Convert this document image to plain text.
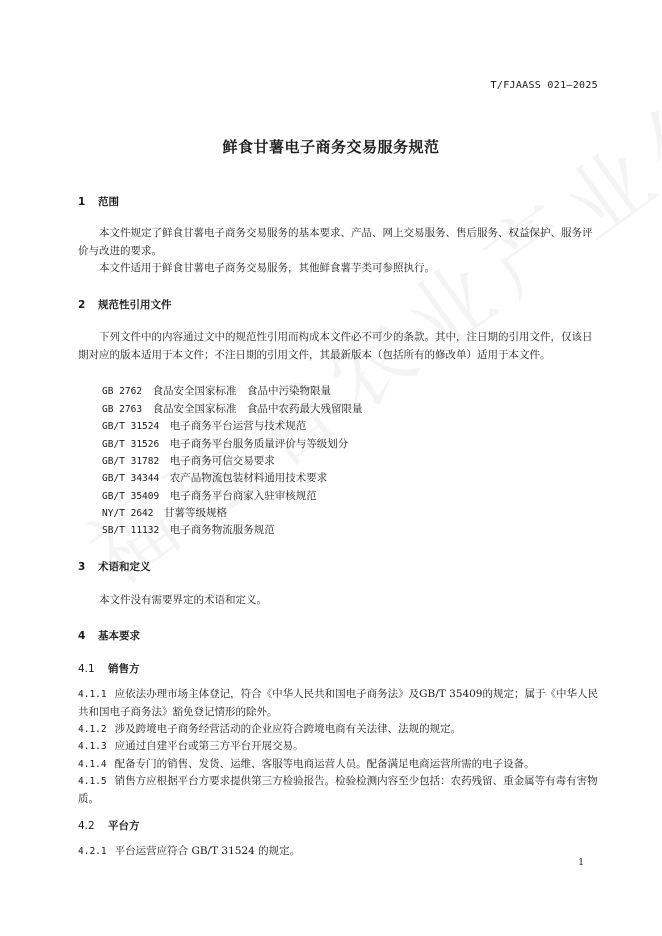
T/FJAASS 021—2025
鲜食甘薯电子商务交易服务规范
1 范围

本文件规定了鲜食甘薯电子商务交易服务的基本要求、产品、网上交易服务、售后服务、权益保护、服务评价与改进的要求。

本文件适用于鲜食甘薯电子商务交易服务，其他鲜食薯芋类可参照执行。

2 规范性引用文件

下列文件中的内容通过文中的规范性引用而构成本文件必不可少的条款。其中，注日期的引用文件，仅该日期对应的版本适用于本文件；不注日期的引用文件，其最新版本（包括所有的修改单）适用于本文件。

GB 2762　 食品安全国家标准　食品中污染物限量
GB 2763　 食品安全国家标准　食品中农药最大残留限量
GB/T 31524　 电子商务平台运营与技术规范
GB/T 31526　 电子商务平台服务质量评价与等级划分
GB/T 31782　 电子商务可信交易要求
GB/T 34344　 农产品物流包装材料通用技术要求
GB/T 35409　 电子商务平台商家入驻审核规范
NY/T 2642　 甘薯等级规格
SB/T 11132　 电子商务物流服务规范
3 术语和定义

本文件没有需要界定的术语和定义。

4 基本要求
4.1 销售方

4.1.1 应依法办理市场主体登记，符合《中华人民共和国电子商务法》及GB/T 35409的规定；属于《中华人民共和国电子商务法》豁免登记情形的除外。

4.1.2 涉及跨境电子商务经营活动的企业应符合跨境电商有关法律、法规的规定。

4.1.3 应通过自建平台或第三方平台开展交易。

4.1.4 配备专门的销售、发货、运维、客服等电商运营人员。配备满足电商运营所需的电子设备。

4.1.5 销售方应根据平台方要求提供第三方检验报告。检验检测内容至少包括：农药残留、重金属等有毒有害物质。

4.2 平台方

4.2.1 平台运营应符合 GB/T 31524 的规定。

1
